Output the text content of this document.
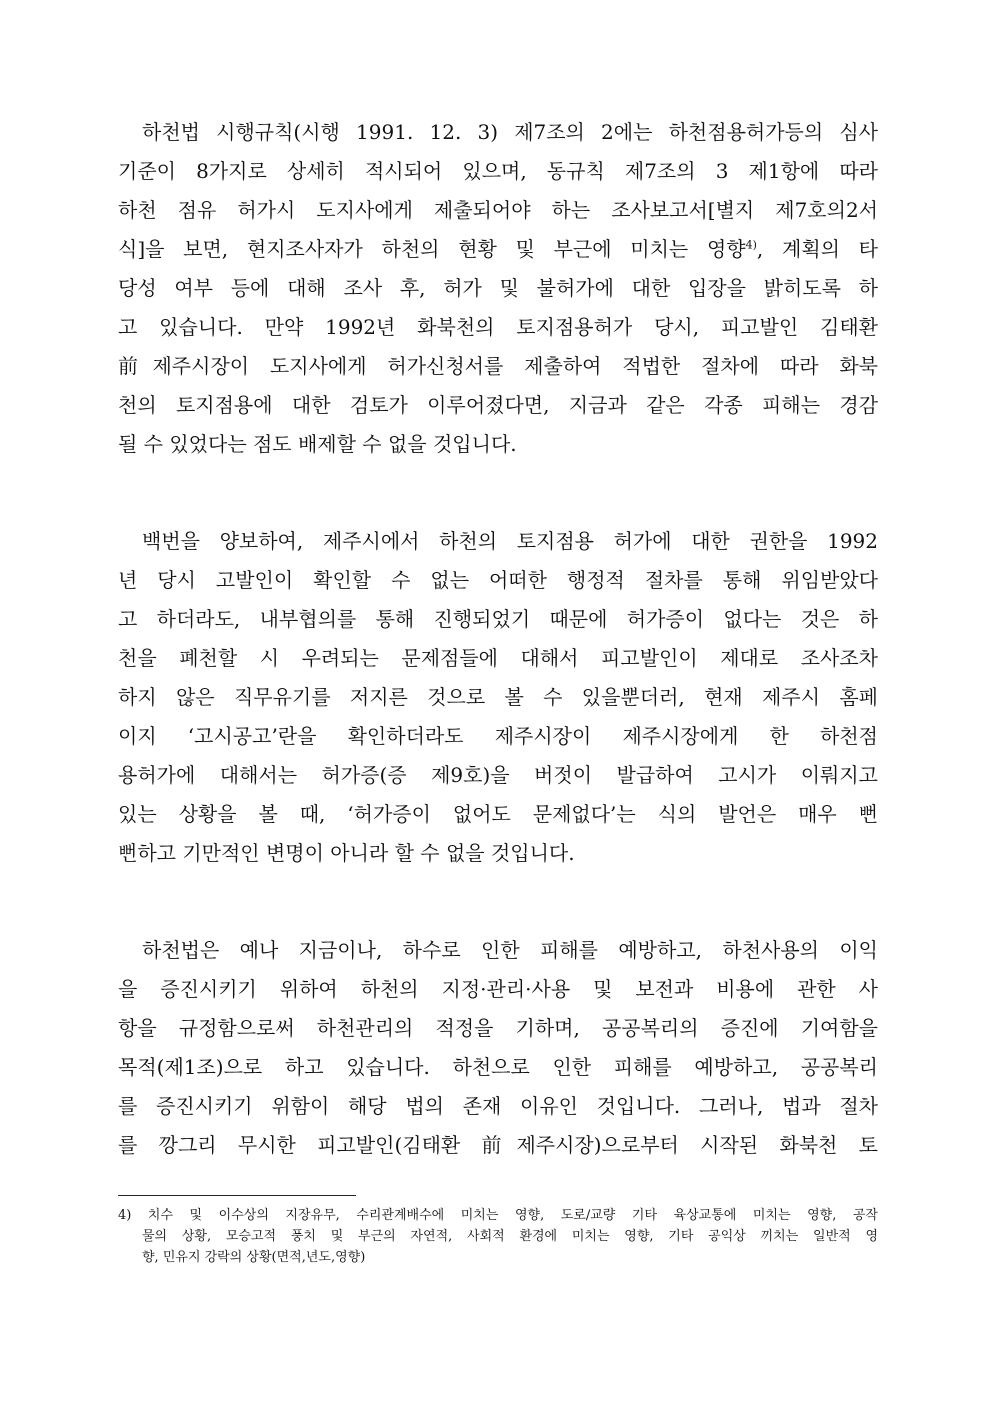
하천법 시행규칙(시행 1991. 12. 3) 제7조의 2에는 하천점용허가등의 심사
기준이 8가지로 상세히 적시되어 있으며, 동규칙 제7조의 3 제1항에 따라
하천 점유 허가시 도지사에게 제출되어야 하는 조사보고서[별지 제7호의2서
식]을 보면, 현지조사자가 하천의 현황 및 부근에 미치는 영향$^{4)}$, 계획의 타
당성 여부 등에 대해 조사 후, 허가 및 불허가에 대한 입장을 밝히도록 하
고 있습니다. 만약 1992년 화북천의 토지점용허가 당시, 피고발인 김태환
前제주시장이 도지사에게 허가신청서를 제출하여 적법한 절차에 따라 화북
천의 토지점용에 대한 검토가 이루어졌다면, 지금과 같은 각종 피해는 경감
될 수 있었다는 점도 배제할 수 없을 것입니다.
백번을 양보하여, 제주시에서 하천의 토지점용 허가에 대한 권한을 1992
년 당시 고발인이 확인할 수 없는 어떠한 행정적 절차를 통해 위임받았다
고 하더라도, 내부협의를 통해 진행되었기 때문에 허가증이 없다는 것은 하
천을 폐천할 시 우려되는 문제점들에 대해서 피고발인이 제대로 조사조차
하지 않은 직무유기를 저지른 것으로 볼 수 있을뿐더러, 현재 제주시 홈페
이지 ‘고시공고’란을 확인하더라도 제주시장이 제주시장에게 한 하천점
용허가에 대해서는 허가증(증 제9호)을 버젓이 발급하여 고시가 이뤄지고
있는 상황을 볼 때, ‘허가증이 없어도 문제없다’는 식의 발언은 매우 뻔
뻔하고 기만적인 변명이 아니라 할 수 없을 것입니다.
하천법은 예나 지금이나, 하수로 인한 피해를 예방하고, 하천사용의 이익
을 증진시키기 위하여 하천의 지정·관리·사용 및 보전과 비용에 관한 사
항을 규정함으로써 하천관리의 적정을 기하며, 공공복리의 증진에 기여함을
목적(제1조)으로 하고 있습니다. 하천으로 인한 피해를 예방하고, 공공복리
를 증진시키기 위함이 해당 법의 존재 이유인 것입니다. 그러나, 법과 절차
를 깡그리 무시한 피고발인(김태환 前제주시장)으로부터 시작된 화북천 토
4) 치수 및 이수상의 지장유무, 수리관계배수에 미치는 영향, 도로/교량 기타 육상교통에 미치는 영향, 공작
물의 상황, 모승고적 풍치 및 부근의 자연적, 사회적 환경에 미치는 영향, 기타 공익상 끼치는 일반적 영
향, 민유지 강락의 상황(면적,년도,영향)
